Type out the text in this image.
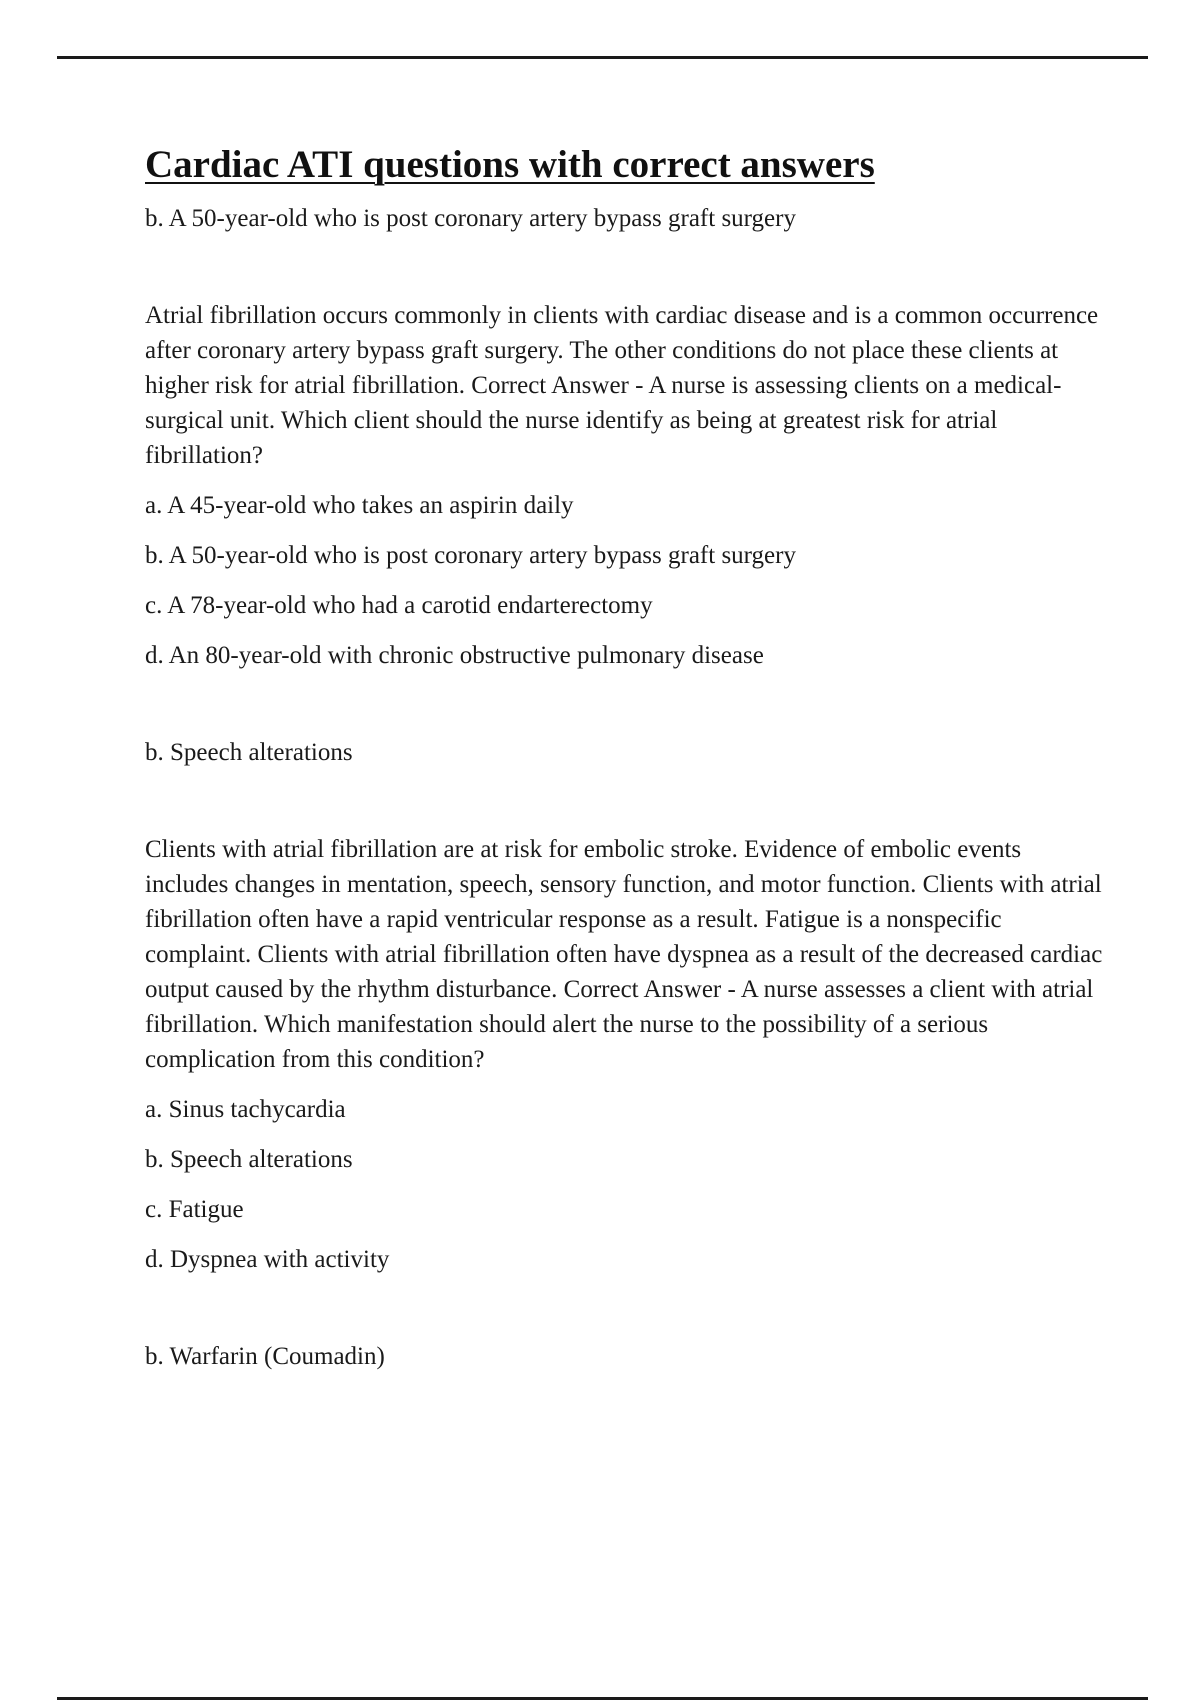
Cardiac ATI questions with correct answers

b. A 50-year-old who is post coronary artery bypass graft surgery

Atrial fibrillation occurs commonly in clients with cardiac disease and is a common occurrence after coronary artery bypass graft surgery. The other conditions do not place these clients at higher risk for atrial fibrillation. Correct Answer - A nurse is assessing clients on a medical-surgical unit. Which client should the nurse identify as being at greatest risk for atrial fibrillation?

a. A 45-year-old who takes an aspirin daily

b. A 50-year-old who is post coronary artery bypass graft surgery

c. A 78-year-old who had a carotid endarterectomy

d. An 80-year-old with chronic obstructive pulmonary disease

b. Speech alterations

Clients with atrial fibrillation are at risk for embolic stroke. Evidence of embolic events includes changes in mentation, speech, sensory function, and motor function. Clients with atrial fibrillation often have a rapid ventricular response as a result. Fatigue is a nonspecific complaint. Clients with atrial fibrillation often have dyspnea as a result of the decreased cardiac output caused by the rhythm disturbance. Correct Answer - A nurse assesses a client with atrial fibrillation. Which manifestation should alert the nurse to the possibility of a serious complication from this condition?

a. Sinus tachycardia

b. Speech alterations

c. Fatigue

d. Dyspnea with activity

b. Warfarin (Coumadin)
